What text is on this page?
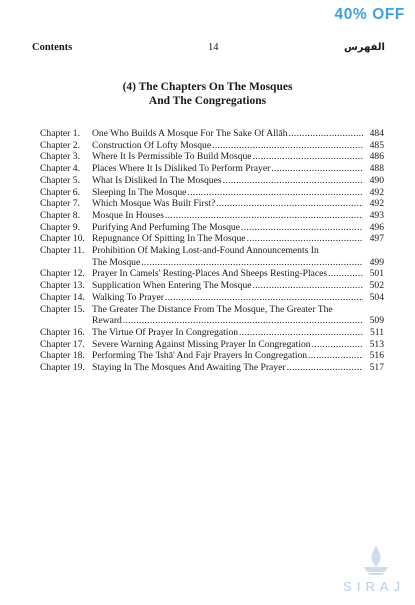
40% OFF
Contents	14	الفهرس
(4) The Chapters On The Mosques
And The Congregations
Chapter 1.	One Who Builds A Mosque For The Sake Of Allāh .....	484
Chapter 2.	Construction Of Lofty Mosque .....	485
Chapter 3.	Where It Is Permissible To Build Mosque .....	486
Chapter 4.	Places Where It Is Disliked To Perform Prayer .....	488
Chapter 5.	What Is Disliked In The Mosques .....	490
Chapter 6.	Sleeping In The Mosque .....	492
Chapter 7.	Which Mosque Was Built First? .....	492
Chapter 8.	Mosque In Houses .....	493
Chapter 9.	Purifying And Perfuming The Mosque .....	496
Chapter 10. Repugnance Of Spitting In The Mosque .....	497
Chapter 11. Prohibition Of Making Lost-and-Found Announcements In
The Mosque .....	499
Chapter 12. Prayer In Camels' Resting-Places And Sheeps Resting-Places .....	501
Chapter 13. Supplication When Entering The Mosque .....	502
Chapter 14. Walking To Prayer .....	504
Chapter 15. The Greater The Distance From The Mosque, The Greater The
Reward .....	509
Chapter 16. The Virtue Of Prayer In Congregation .....	511
Chapter 17. Severe Warning Against Missing Prayer In Congregation .....	513
Chapter 18. Performing The 'Ishā' And Fajr Prayers In Congregation .....	516
Chapter 19. Staying In The Mosques And Awaiting The Prayer .....	517
SIRAJ
